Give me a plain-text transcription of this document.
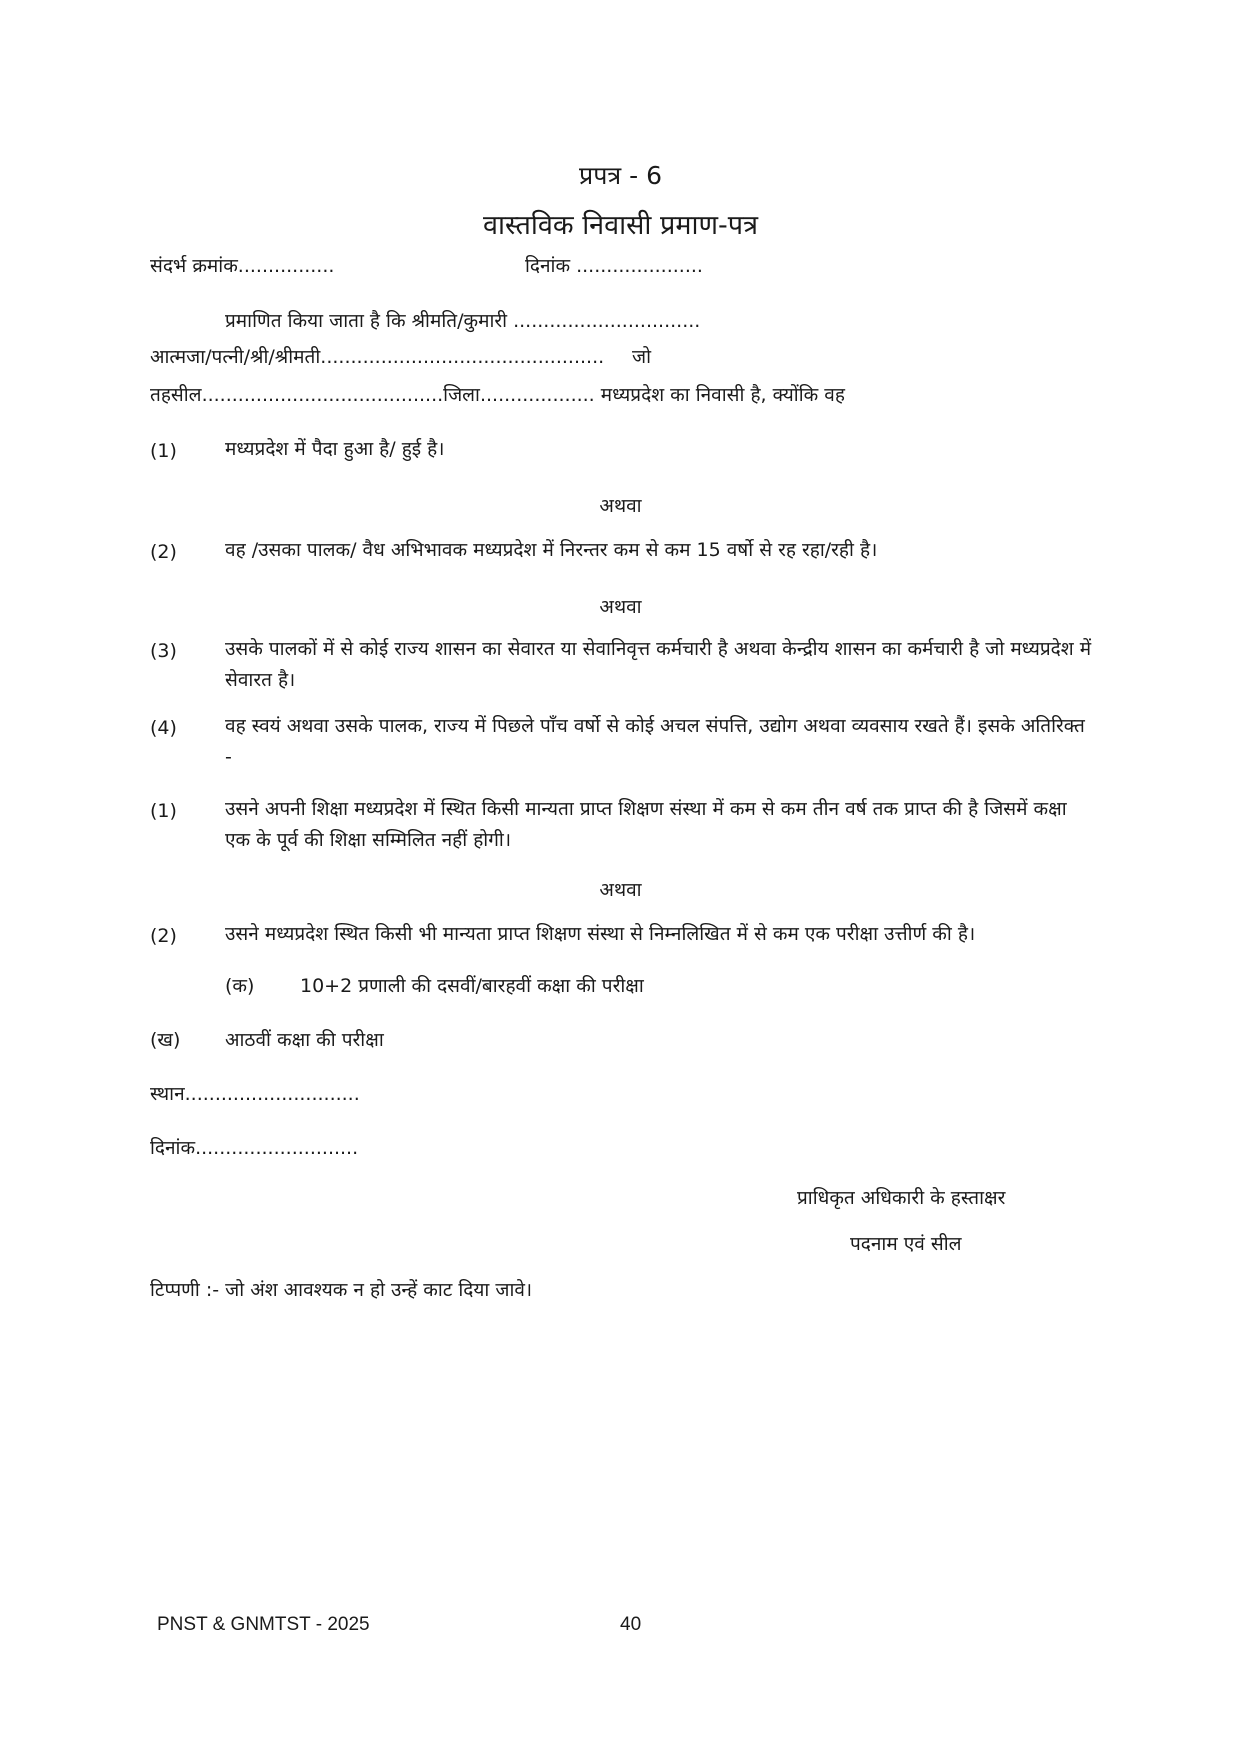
प्रपत्र - 6
वास्तविक निवासी प्रमाण-पत्र
संदर्भ क्रमांक................	दिनांक .....................
प्रमाणित किया जाता है कि श्रीमति/कुमारी ...............................
आत्मजा/पत्नी/श्री/श्रीमती............................................... जो
तहसील........................................जिला................... मध्यप्रदेश का निवासी है, क्योंकि वह
(1)	मध्यप्रदेश में पैदा हुआ है/ हुई है।
अथवा
(2)	वह /उसका पालक/ वैध अभिभावक मध्यप्रदेश में निरन्तर कम से कम 15 वर्षो से रह रहा/रही है।
अथवा
(3)	उसके पालकों में से कोई राज्य शासन का सेवारत या सेवानिवृत्त कर्मचारी है अथवा केन्द्रीय शासन का कर्मचारी है जो मध्यप्रदेश में सेवारत है।
(4)	वह स्वयं अथवा उसके पालक, राज्य में पिछले पाँच वर्षो से कोई अचल संपत्ति, उद्योग अथवा व्यवसाय रखते हैं। इसके अतिरिक्त -
(1)	उसने अपनी शिक्षा मध्यप्रदेश में स्थित किसी मान्यता प्राप्त शिक्षण संस्था में कम से कम तीन वर्ष तक प्राप्त की है जिसमें कक्षा एक के पूर्व की शिक्षा सम्मिलित नहीं होगी।
अथवा
(2)	उसने मध्यप्रदेश स्थित किसी भी मान्यता प्राप्त शिक्षण संस्था से निम्नलिखित में से कम एक परीक्षा उत्तीर्ण की है।
(क) 10+2 प्रणाली की दसवीं/बारहवीं कक्षा की परीक्षा
(ख) आठवीं कक्षा की परीक्षा
स्थान.............................
दिनांक...........................
प्राधिकृत अधिकारी के हस्ताक्षर
पदनाम एवं सील
टिप्पणी :- जो अंश आवश्यक न हो उन्हें काट दिया जावे।
PNST & GNMTST - 2025	40
